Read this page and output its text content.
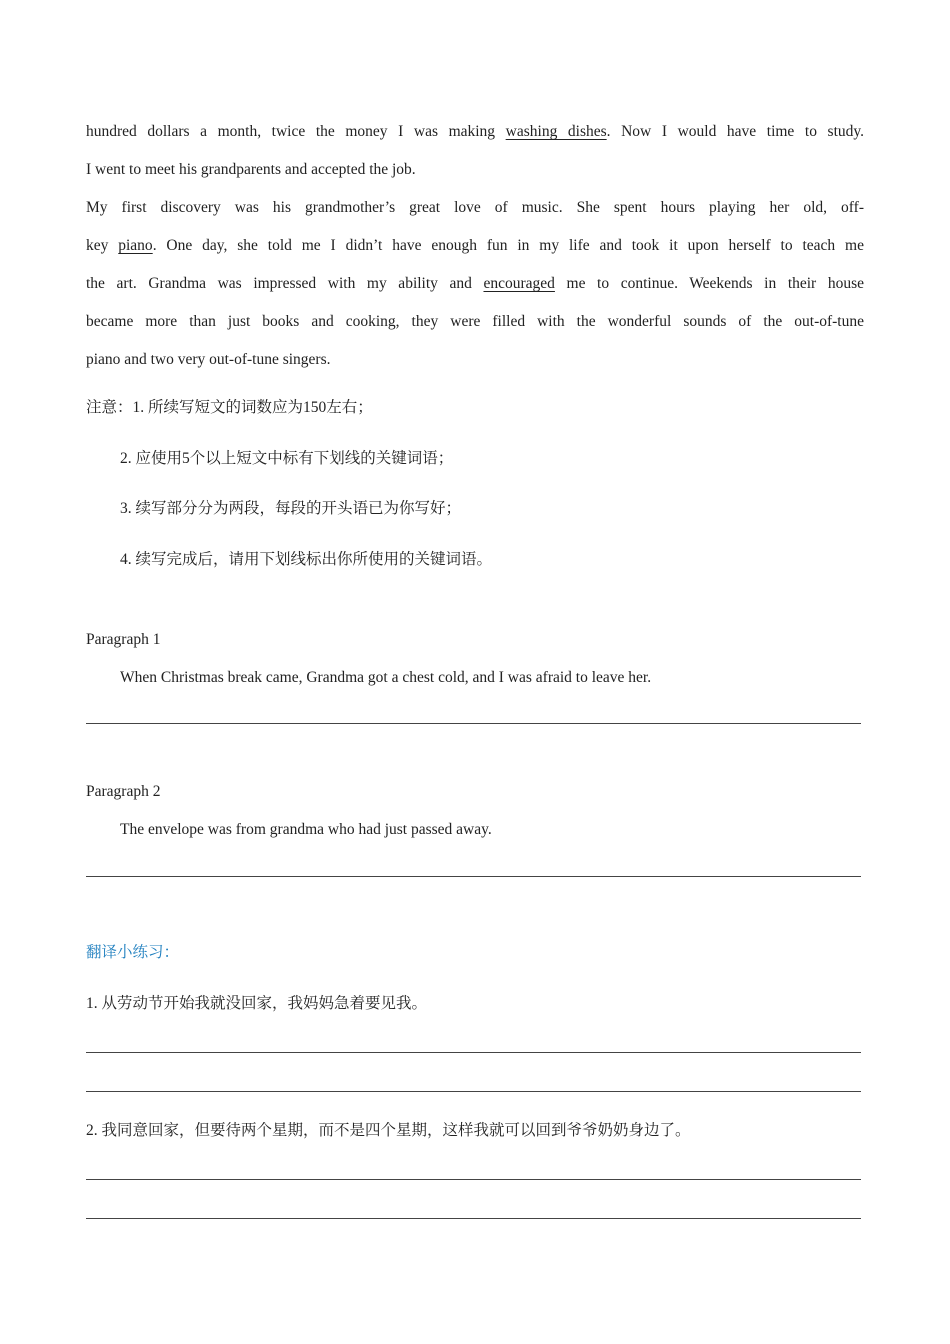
hundred dollars a month, twice the money I was making washing dishes. Now I would have time to study.
I went to meet his grandparents and accepted the job.
My first discovery was his grandmother’s great love of music. She spent hours playing her old, off-
key piano. One day, she told me I didn’t have enough fun in my life and took it upon herself to teach me
the art. Grandma was impressed with my ability and encouraged me to continue. Weekends in their house
became more than just books and cooking, they were filled with the wonderful sounds of the out-of-tune
piano and two very out-of-tune singers.
注意：1. 所续写短文的词数应为150左右；
2. 应使用5个以上短文中标有下划线的关键词语；
3. 续写部分分为两段，每段的开头语已为你写好；
4. 续写完成后，请用下划线标出你所使用的关键词语。
Paragraph 1
When Christmas break came, Grandma got a chest cold, and I was afraid to leave her.
Paragraph 2
The envelope was from grandma who had just passed away.
翻译小练习：
1. 从劳动节开始我就没回家，我妈妈急着要见我。
2. 我同意回家，但要待两个星期，而不是四个星期，这样我就可以回到爷爷奶奶身边了。
